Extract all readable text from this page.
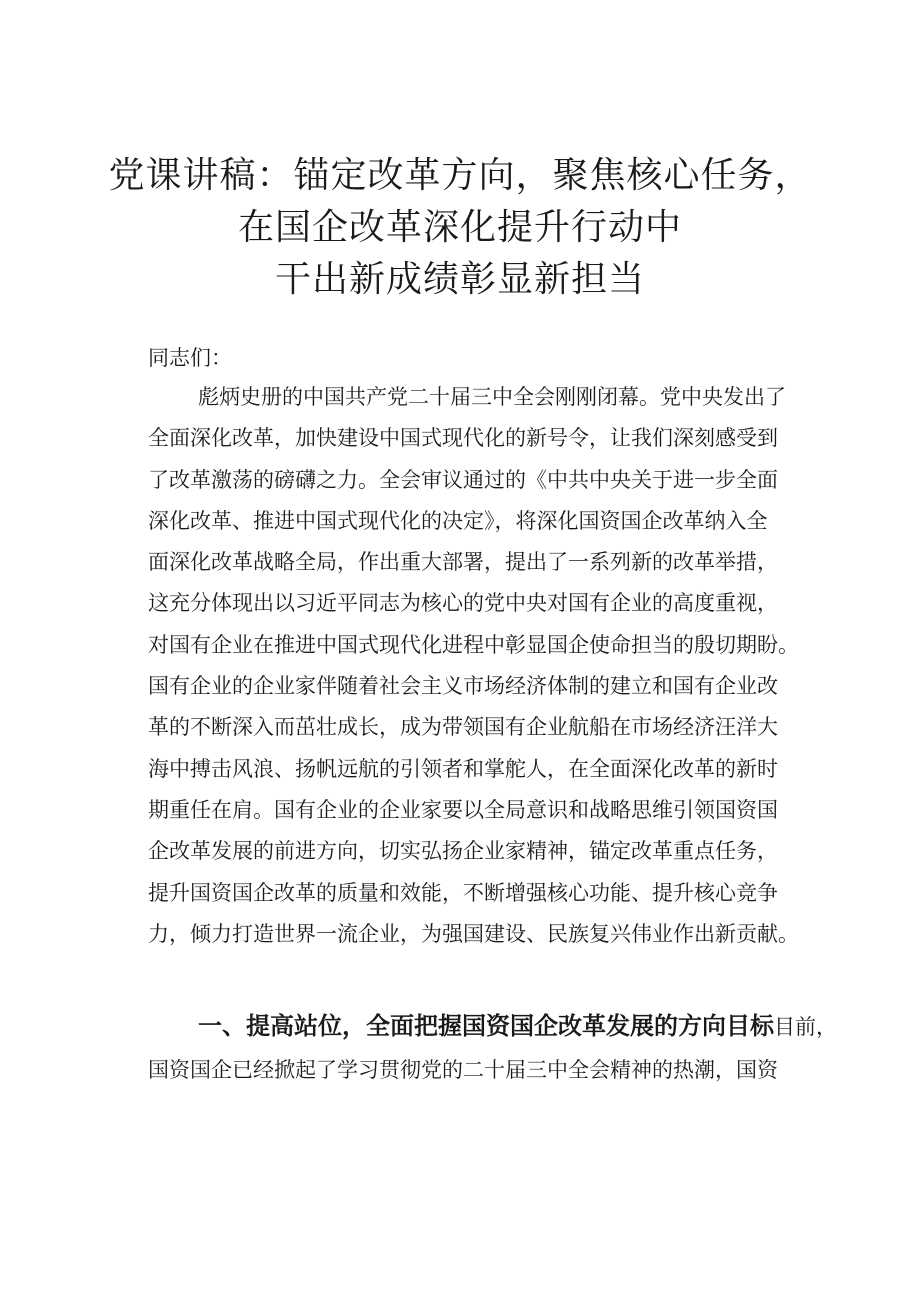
党课讲稿：锚定改革方向，聚焦核心任务，
在国企改革深化提升行动中
干出新成绩彰显新担当
同志们：
彪炳史册的中国共产党二十届三中全会刚刚闭幕。党中央发出了
全面深化改革，加快建设中国式现代化的新号令，让我们深刻感受到
了改革激荡的磅礴之力。全会审议通过的《中共中央关于进一步全面
深化改革、推进中国式现代化的决定》，将深化国资国企改革纳入全
面深化改革战略全局，作出重大部署，提出了一系列新的改革举措，
这充分体现出以习近平同志为核心的党中央对国有企业的高度重视，
对国有企业在推进中国式现代化进程中彰显国企使命担当的殷切期盼。
国有企业的企业家伴随着社会主义市场经济体制的建立和国有企业改
革的不断深入而茁壮成长，成为带领国有企业航船在市场经济汪洋大
海中搏击风浪、扬帆远航的引领者和掌舵人，在全面深化改革的新时
期重任在肩。国有企业的企业家要以全局意识和战略思维引领国资国
企改革发展的前进方向，切实弘扬企业家精神，锚定改革重点任务，
提升国资国企改革的质量和效能，不断增强核心功能、提升核心竞争
力，倾力打造世界一流企业，为强国建设、民族复兴伟业作出新贡献。
一、提高站位，全面把握国资国企改革发展的方向目标目前，
国资国企已经掀起了学习贯彻党的二十届三中全会精神的热潮，国资
